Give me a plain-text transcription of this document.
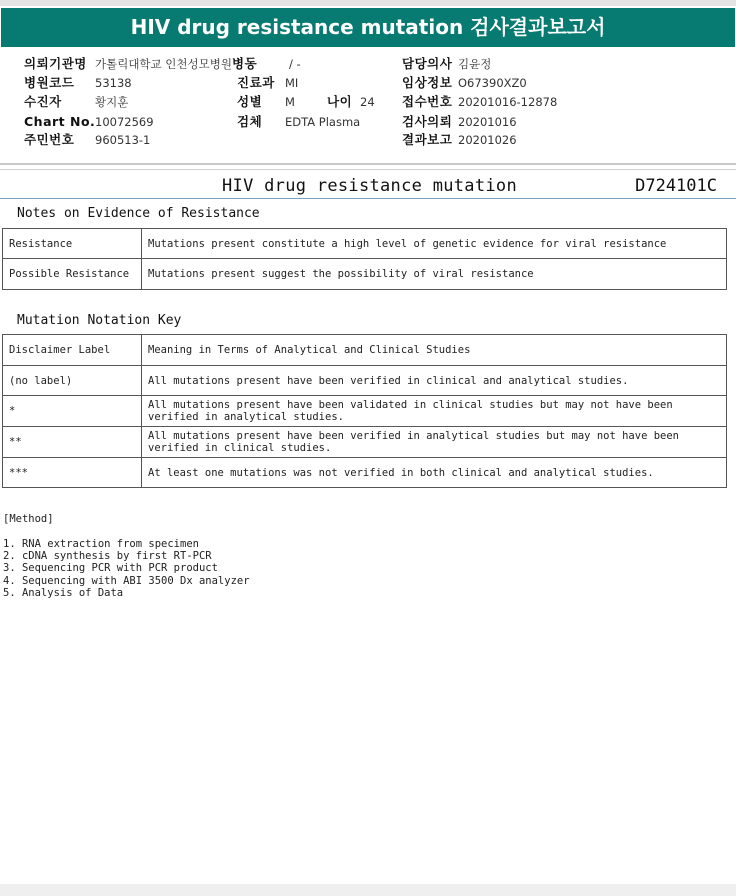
HIV drug resistance mutation 검사결과보고서
의뢰기관명 가톨릭대학교 인천성모병원 병동	/ -	담당의사 김윤정
병원코드 53138	진료과 MI	임상정보 O67390XZ0
수진자	황지훈	성별 M	나이 24 접수번호 20201016-12878
Chart No. 10072569	검체 EDTA Plasma	검사의뢰 20201016
주민번호 960513-1	결과보고 20201026
HIV drug resistance mutation	D724101C
Notes on Evidence of Resistance
Resistance	Mutations present constitute a high level of genetic evidence for viral resistance
Possible Resistance	Mutations present suggest the possibility of viral resistance
Mutation Notation Key
Disclaimer Label	Meaning in Terms of Analytical and Clinical Studies
(no label)	All mutations present have been verified in clinical and analytical studies.
*	All mutations present have been validated in clinical studies but may not have been verified in analytical studies.
**	All mutations present have been verified in analytical studies but may not have been verified in clinical studies.
***	At least one mutations was not verified in both clinical and analytical studies.
[Method]
1. RNA extraction from specimen
2. cDNA synthesis by first RT-PCR
3. Sequencing PCR with PCR product
4. Sequencing with ABI 3500 Dx analyzer
5. Analysis of Data
